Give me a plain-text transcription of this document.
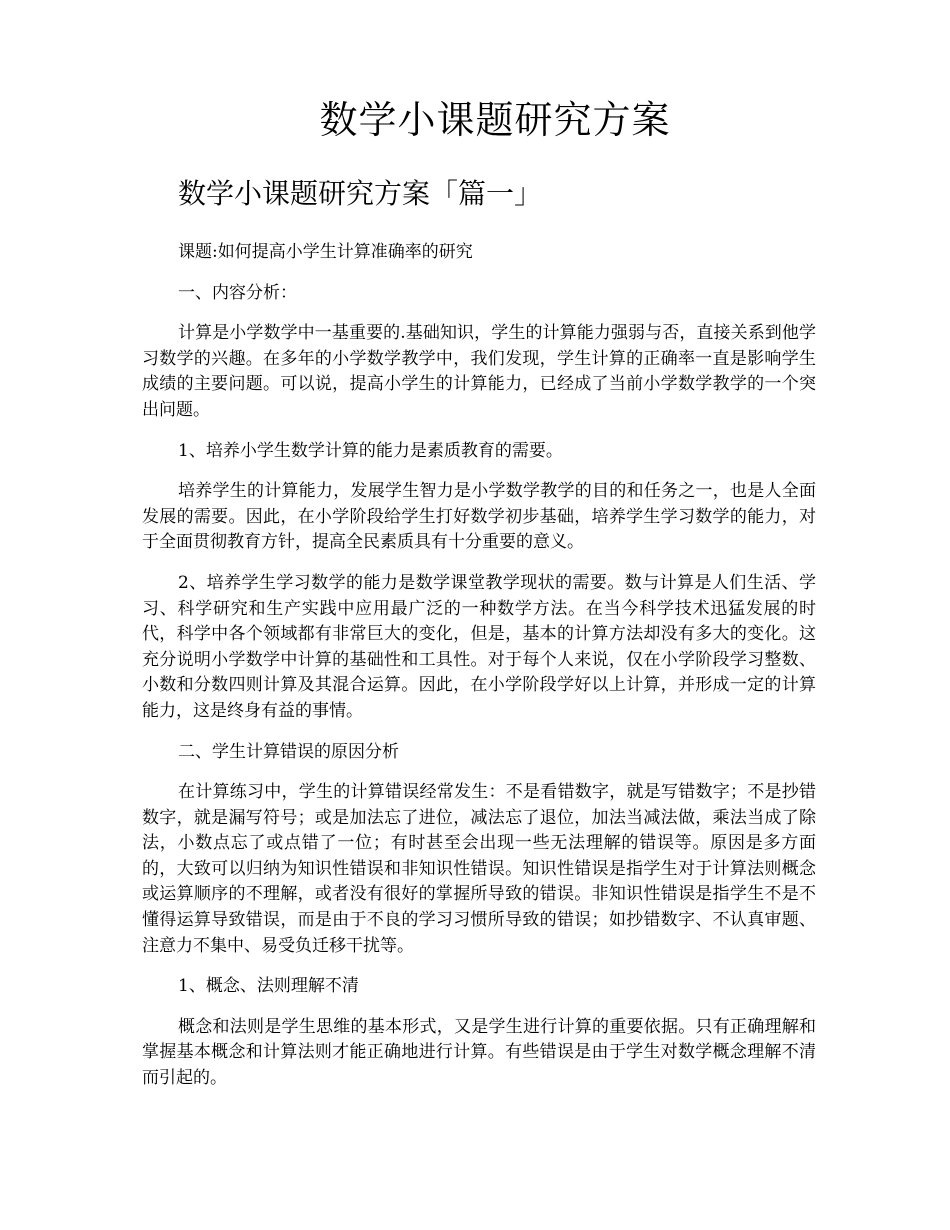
数学小课题研究方案
数学小课题研究方案「篇一」

课题:如何提高小学生计算准确率的研究

一、内容分析：

计算是小学数学中一基重要的.基础知识，学生的计算能力强弱与否，直接关系到他学习数学的兴趣。在多年的小学数学教学中，我们发现，学生计算的正确率一直是影响学生成绩的主要问题。可以说，提高小学生的计算能力，已经成了当前小学数学教学的一个突出问题。

1、培养小学生数学计算的能力是素质教育的需要。

培养学生的计算能力，发展学生智力是小学数学教学的目的和任务之一，也是人全面发展的需要。因此，在小学阶段给学生打好数学初步基础，培养学生学习数学的能力，对于全面贯彻教育方针，提高全民素质具有十分重要的意义。

2、培养学生学习数学的能力是数学课堂教学现状的需要。数与计算是人们生活、学习、科学研究和生产实践中应用最广泛的一种数学方法。在当今科学技术迅猛发展的时代，科学中各个领域都有非常巨大的变化，但是，基本的计算方法却没有多大的变化。这充分说明小学数学中计算的基础性和工具性。对于每个人来说，仅在小学阶段学习整数、小数和分数四则计算及其混合运算。因此，在小学阶段学好以上计算，并形成一定的计算能力，这是终身有益的事情。

二、学生计算错误的原因分析

在计算练习中，学生的计算错误经常发生：不是看错数字，就是写错数字；不是抄错数字，就是漏写符号；或是加法忘了进位，减法忘了退位，加法当减法做，乘法当成了除法，小数点忘了或点错了一位；有时甚至会出现一些无法理解的错误等。原因是多方面的，大致可以归纳为知识性错误和非知识性错误。知识性错误是指学生对于计算法则概念或运算顺序的不理解，或者没有很好的掌握所导致的错误。非知识性错误是指学生不是不懂得运算导致错误，而是由于不良的学习习惯所导致的错误；如抄错数字、不认真审题、注意力不集中、易受负迁移干扰等。

1、概念、法则理解不清

概念和法则是学生思维的基本形式，又是学生进行计算的重要依据。只有正确理解和掌握基本概念和计算法则才能正确地进行计算。有些错误是由于学生对数学概念理解不清而引起的。
